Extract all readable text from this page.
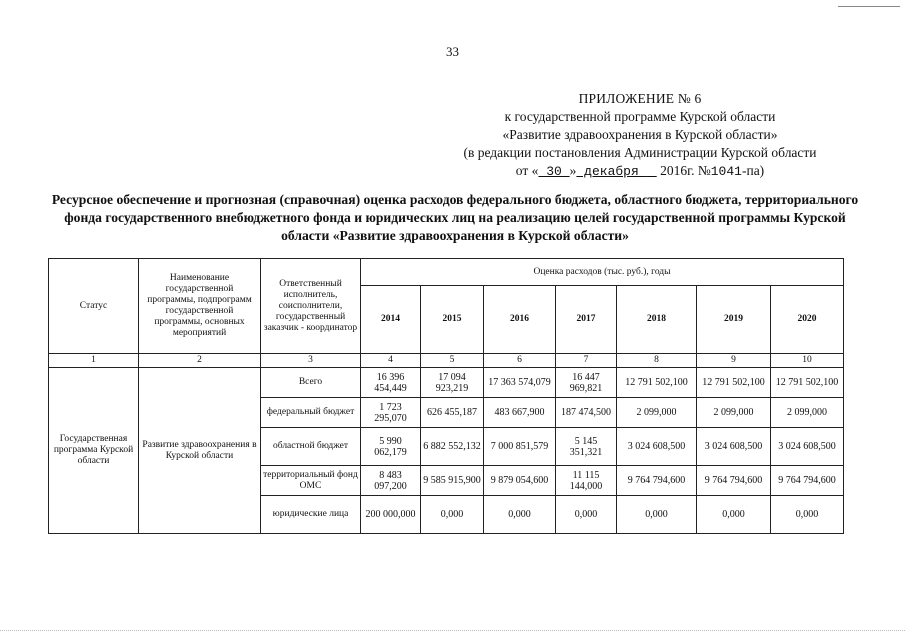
33
ПРИЛОЖЕНИЕ № 6
к государственной программе Курской области
«Развитие здравоохранения в Курской области»
(в редакции постановления Администрации Курской области
от « 30 » декабря     2016г. №1041-па)
Ресурсное обеспечение и прогнозная (справочная) оценка расходов федерального бюджета, областного бюджета, территориального фонда государственного внебюджетного фонда и юридических лиц на реализацию целей государственной программы Курской области «Развитие здравоохранения в Курской области»
Статус	Наименование государственной программы, подпрограмм государственной программы, основных мероприятий	Ответственный исполнитель, соисполнители, государственный заказчик - координатор	Оценка расходов (тыс. руб.), годы						
			2014	2015	2016	2017	2018	2019	2020
1	2	3	4	5	6	7	8	9	10
Государственная программа Курской области	Развитие здравоохранения в Курской области	Всего	16 396 454,449	17 094 923,219	17 363 574,079	16 447 969,821	12 791 502,100	12 791 502,100	12 791 502,100
		федеральный бюджет	1 723 295,070	626 455,187	483 667,900	187 474,500	2 099,000	2 099,000	2 099,000
		областной бюджет	5 990 062,179	6 882 552,132	7 000 851,579	5 145 351,321	3 024 608,500	3 024 608,500	3 024 608,500
		территориальный фонд ОМС	8 483 097,200	9 585 915,900	9 879 054,600	11 115 144,000	9 764 794,600	9 764 794,600	9 764 794,600
		юридические лица	200 000,000	0,000	0,000	0,000	0,000	0,000	0,000
